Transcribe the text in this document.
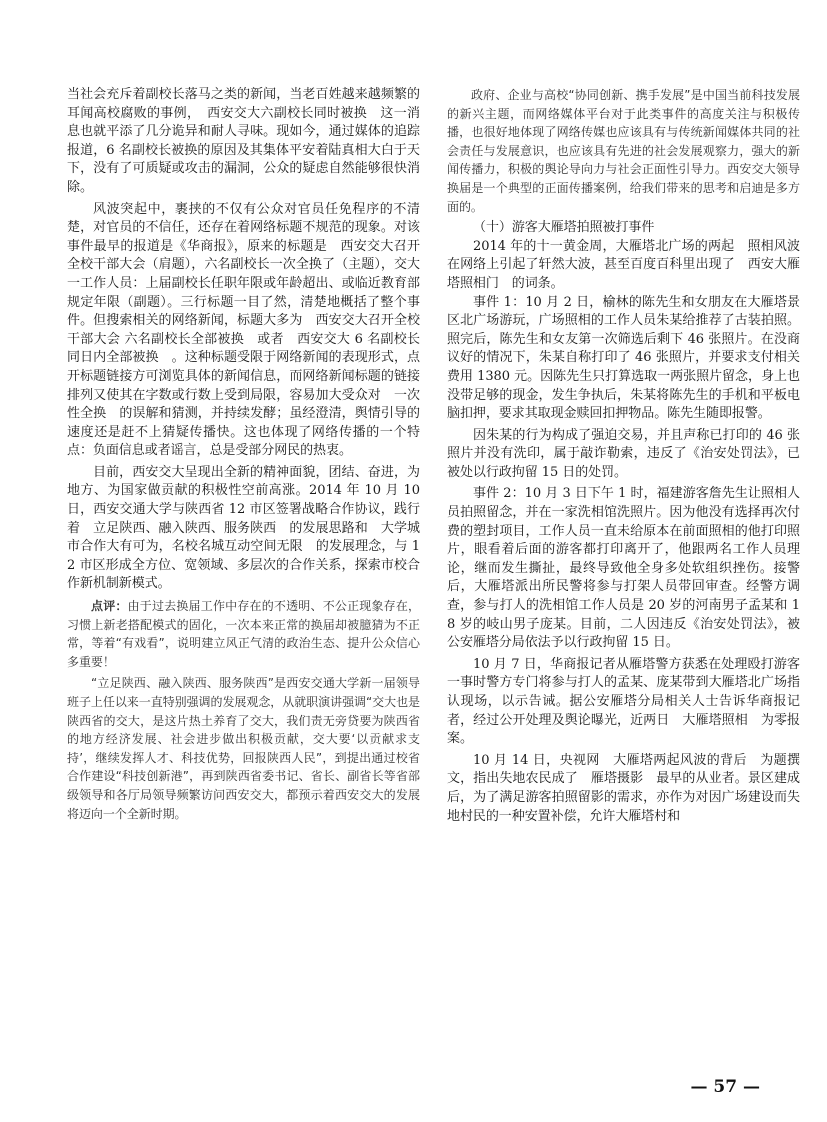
当社会充斥着副校长落马之类的新闻，当老百姓越来越频繁的耳闻高校腐败的事例，　西安交大六副校长同时被换　这一消息也就平添了几分诡异和耐人寻味。现如今，通过媒体的追踪报道，6 名副校长被换的原因及其集体平安着陆真相大白于天下，没有了可质疑或攻击的漏洞，公众的疑虑自然能够很快消除。

风波突起中，裹挟的不仅有公众对官员任免程序的不清楚，对官员的不信任，还存在着网络标题不规范的现象。对该事件最早的报道是《华商报》，原来的标题是　西安交大召开全校干部大会（肩题），六名副校长一次全换了（主题），交大一工作人员：上届副校长任职年限或年龄超出、或临近教育部规定年限（副题）。三行标题一目了然，清楚地概括了整个事件。但搜索相关的网络新闻，标题大多为　西安交大召开全校干部大会 六名副校长全部被换　或者　西安交大 6 名副校长同日内全部被换　。这种标题受限于网络新闻的表现形式，点开标题链接方可浏览具体的新闻信息，而网络新闻标题的链接排列又使其在字数或行数上受到局限，容易加大受众对　一次性全换　的误解和猜测，并持续发酵；虽经澄清，舆情引导的速度还是赶不上猜疑传播快。这也体现了网络传播的一个特点：负面信息或者谣言，总是受部分网民的热衷。

目前，西安交大呈现出全新的精神面貌，团结、奋进，为地方、为国家做贡献的积极性空前高涨。2014 年 10 月 10 日，西安交通大学与陕西省 12 市区签署战略合作协议，践行着　立足陕西、融入陕西、服务陕西　的发展思路和　大学城市合作大有可为，名校名城互动空间无限　的发展理念，与 12 市区形成全方位、宽领域、多层次的合作关系，探索市校合作新机制新模式。

点评：由于过去换届工作中存在的不透明、不公正现象存在，习惯上新老搭配模式的固化，一次本来正常的换届却被臆猜为不正常，等着“有戏看”，说明建立风正气清的政治生态、提升公众信心多重要！

“立足陕西、融入陕西、服务陕西”是西安交通大学新一届领导班子上任以来一直特别强调的发展观念，从就职演讲强调“交大也是陕西省的交大，是这片热土养育了交大，我们责无旁贷要为陕西省的地方经济发展、社会进步做出积极贡献，交大要‘以贡献求支持’，继续发挥人才、科技优势，回报陕西人民”，到提出通过校省合作建设“科技创新港”，再到陕西省委书记、省长、副省长等省部级领导和各厅局领导频繁访问西安交大，都预示着西安交大的发展将迈向一个全新时期。

政府、企业与高校“协同创新、携手发展”是中国当前科技发展的新兴主题，而网络媒体平台对于此类事件的高度关注与积极传播，也很好地体现了网络传媒也应该具有与传统新闻媒体共同的社会责任与发展意识，也应该具有先进的社会发展观察力，强大的新闻传播力，积极的舆论导向力与社会正面性引导力。西安交大领导换届是一个典型的正面传播案例，给我们带来的思考和启迪是多方面的。

（十）游客大雁塔拍照被打事件

2014 年的十一黄金周，大雁塔北广场的两起　照相风波在网络上引起了轩然大波，甚至百度百科里出现了　西安大雁塔照相门　的词条。

事件 1：10 月 2 日，榆林的陈先生和女朋友在大雁塔景区北广场游玩，广场照相的工作人员朱某给推荐了古装拍照。照完后，陈先生和女友第一次筛选后剩下 46 张照片。在没商议好的情况下，朱某自称打印了 46 张照片，并要求支付相关费用 1380 元。因陈先生只打算选取一两张照片留念，身上也没带足够的现金，发生争执后，朱某将陈先生的手机和平板电脑扣押，要求其取现金赎回扣押物品。陈先生随即报警。

因朱某的行为构成了强迫交易，并且声称已打印的 46 张照片并没有洗印，属于敲诈勒索，违反了《治安处罚法》，已被处以行政拘留 15 日的处罚。

事件 2：10 月 3 日下午 1 时，福建游客詹先生让照相人员拍照留念，并在一家洗相馆洗照片。因为他没有选择再次付费的塑封项目，工作人员一直未给原本在前面照相的他打印照片，眼看着后面的游客都打印离开了，他跟两名工作人员理论，继而发生撕扯，最终导致他全身多处软组织挫伤。接警后，大雁塔派出所民警将参与打架人员带回审查。经警方调查，参与打人的洗相馆工作人员是 20 岁的河南男子孟某和 18 岁的岐山男子庞某。目前，二人因违反《治安处罚法》，被公安雁塔分局依法予以行政拘留 15 日。

10 月 7 日，华商报记者从雁塔警方获悉在处理殴打游客一事时警方专门将参与打人的孟某、庞某带到大雁塔北广场指认现场，以示告诫。据公安雁塔分局相关人士告诉华商报记者，经过公开处理及舆论曝光，近两日　大雁塔照相　为零报案。

10 月 14 日，央视网　大雁塔两起风波的背后　为题撰文，指出失地农民成了　雁塔摄影　最早的从业者。景区建成后，为了满足游客拍照留影的需求，亦作为对因广场建设而失地村民的一种安置补偿，允许大雁塔村和

— 57 —
